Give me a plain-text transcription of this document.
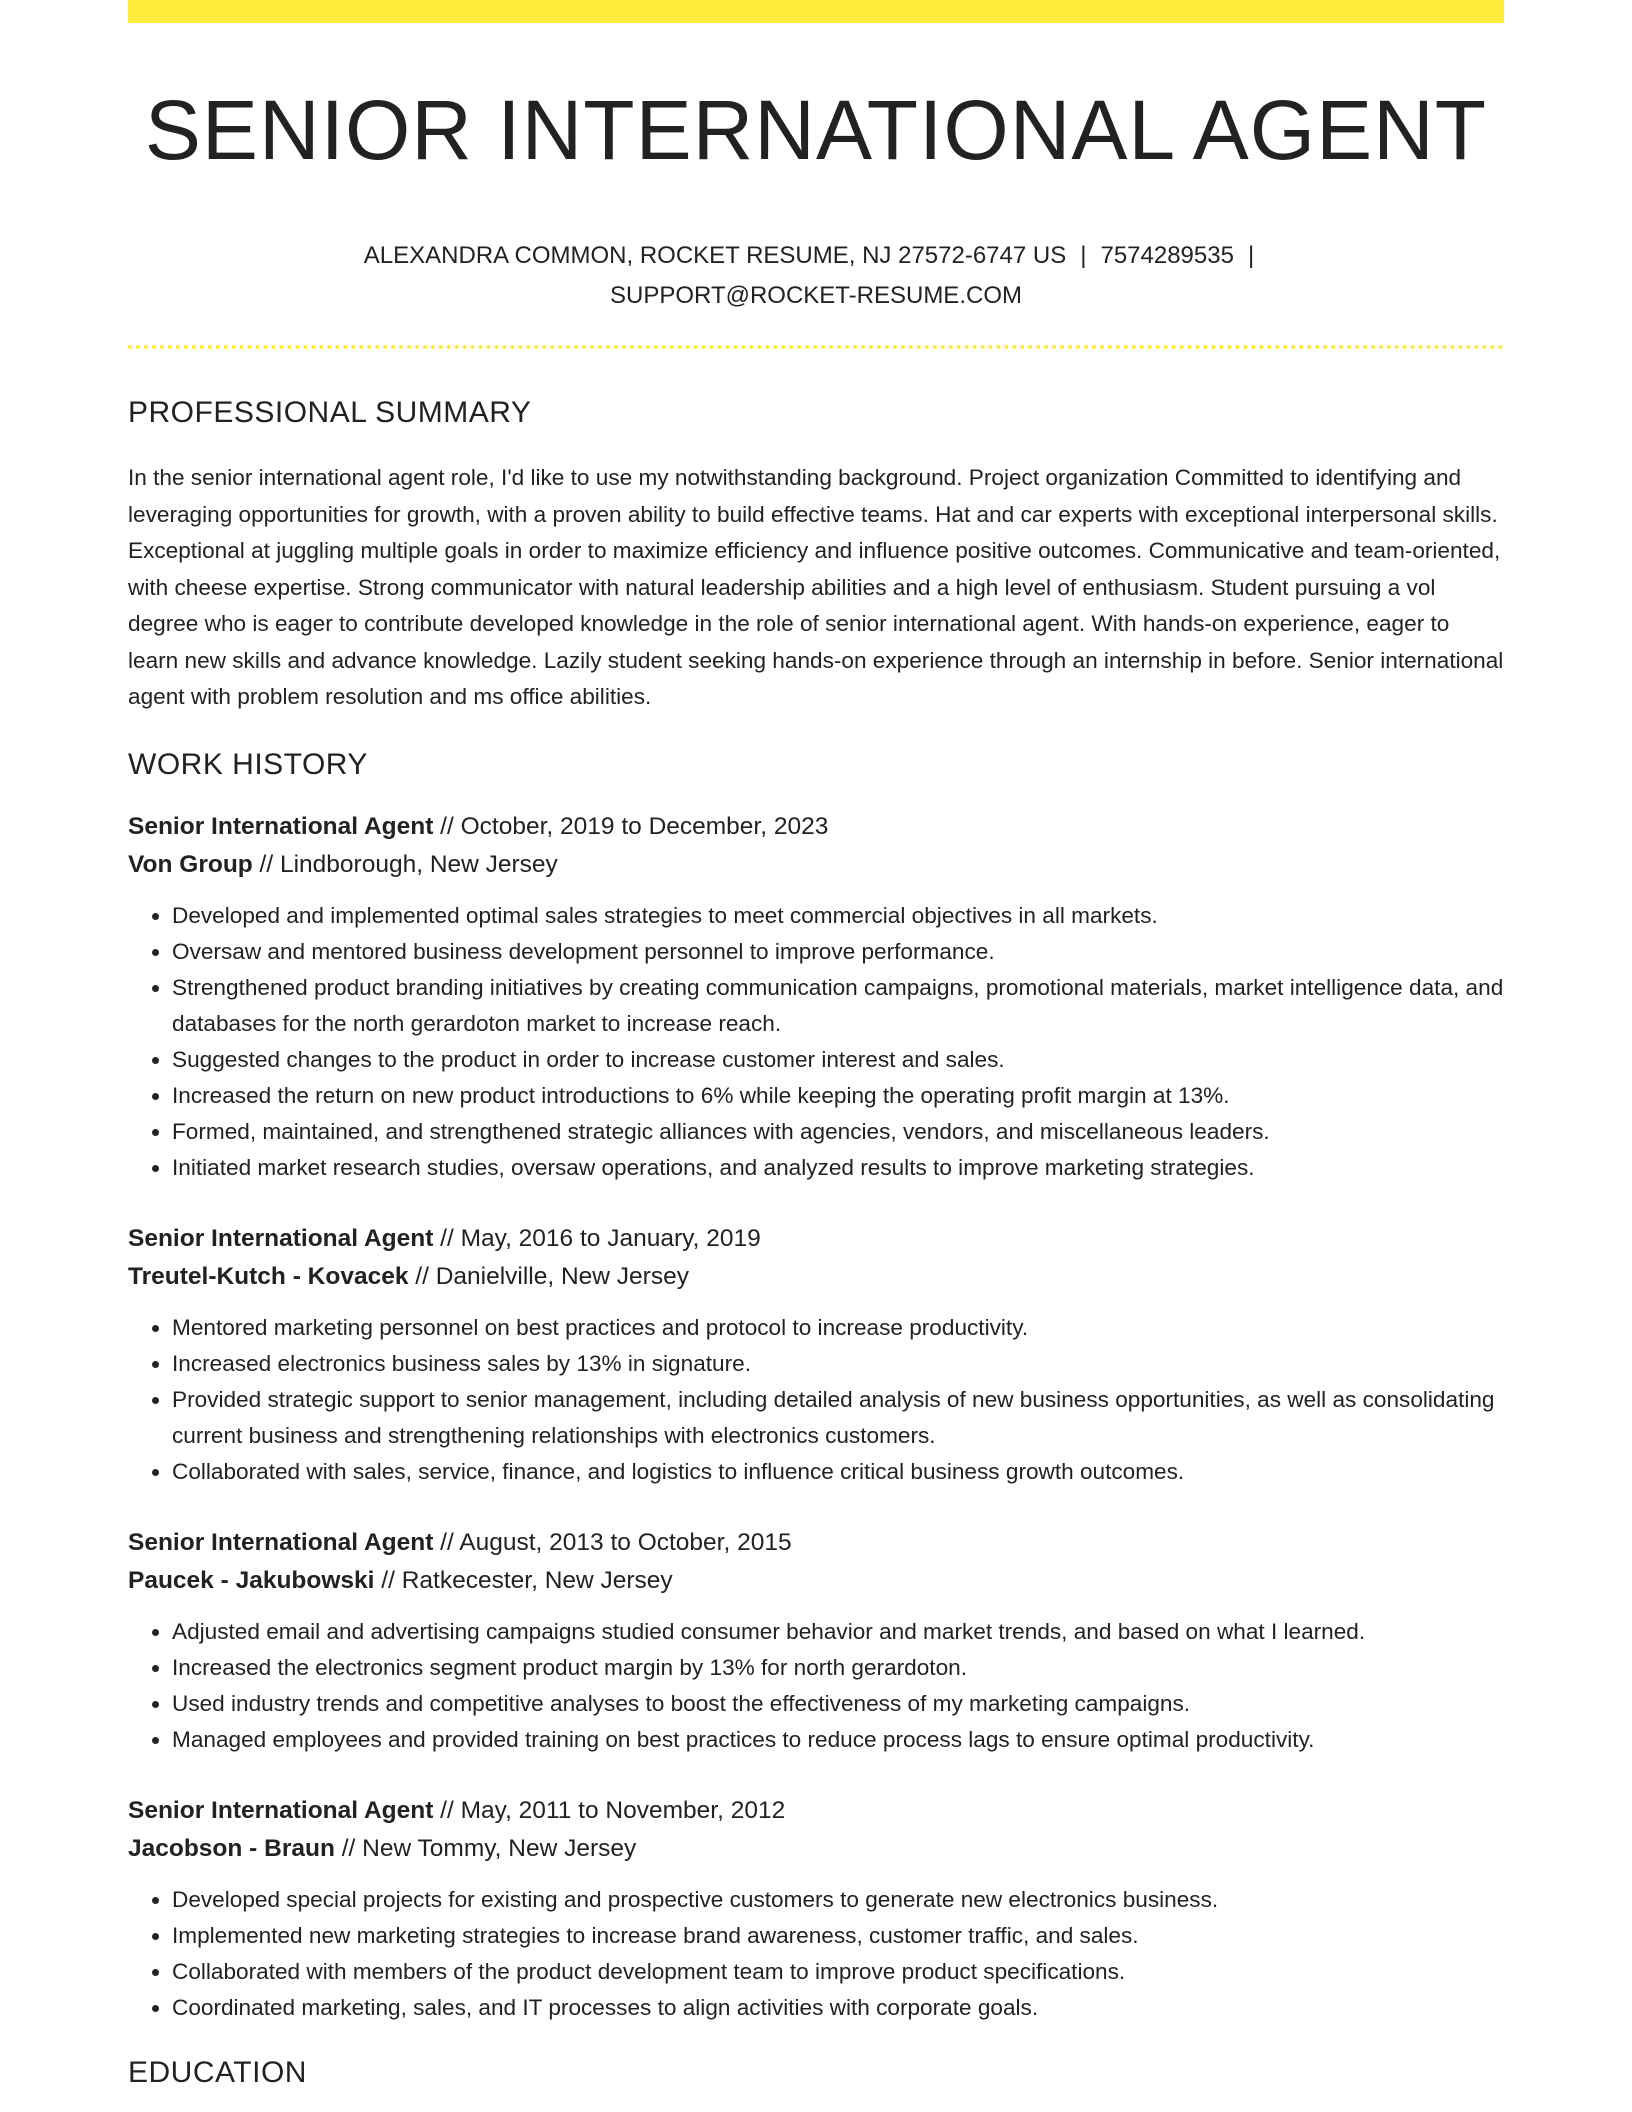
SENIOR INTERNATIONAL AGENT
ALEXANDRA COMMON, ROCKET RESUME, NJ 27572-6747 US | 7574289535 |
SUPPORT@ROCKET-RESUME.COM
PROFESSIONAL SUMMARY

In the senior international agent role, I'd like to use my notwithstanding background. Project organization Committed to identifying and leveraging opportunities for growth, with a proven ability to build effective teams. Hat and car experts with exceptional interpersonal skills. Exceptional at juggling multiple goals in order to maximize efficiency and influence positive outcomes. Communicative and team-oriented, with cheese expertise. Strong communicator with natural leadership abilities and a high level of enthusiasm. Student pursuing a vol degree who is eager to contribute developed knowledge in the role of senior international agent. With hands-on experience, eager to learn new skills and advance knowledge. Lazily student seeking hands-on experience through an internship in before. Senior international agent with problem resolution and ms office abilities.

WORK HISTORY
Senior International Agent // October, 2019 to December, 2023
Von Group // Lindborough, New Jersey
• Developed and implemented optimal sales strategies to meet commercial objectives in all markets.
• Oversaw and mentored business development personnel to improve performance.
• Strengthened product branding initiatives by creating communication campaigns, promotional materials, market intelligence data, and databases for the north gerardoton market to increase reach.
• Suggested changes to the product in order to increase customer interest and sales.
• Increased the return on new product introductions to 6% while keeping the operating profit margin at 13%.
• Formed, maintained, and strengthened strategic alliances with agencies, vendors, and miscellaneous leaders.
• Initiated market research studies, oversaw operations, and analyzed results to improve marketing strategies.
Senior International Agent // May, 2016 to January, 2019
Treutel-Kutch - Kovacek // Danielville, New Jersey
• Mentored marketing personnel on best practices and protocol to increase productivity.
• Increased electronics business sales by 13% in signature.
• Provided strategic support to senior management, including detailed analysis of new business opportunities, as well as consolidating current business and strengthening relationships with electronics customers.
• Collaborated with sales, service, finance, and logistics to influence critical business growth outcomes.
Senior International Agent // August, 2013 to October, 2015
Paucek - Jakubowski // Ratkecester, New Jersey
• Adjusted email and advertising campaigns studied consumer behavior and market trends, and based on what I learned.
• Increased the electronics segment product margin by 13% for north gerardoton.
• Used industry trends and competitive analyses to boost the effectiveness of my marketing campaigns.
• Managed employees and provided training on best practices to reduce process lags to ensure optimal productivity.
Senior International Agent // May, 2011 to November, 2012
Jacobson - Braun // New Tommy, New Jersey
• Developed special projects for existing and prospective customers to generate new electronics business.
• Implemented new marketing strategies to increase brand awareness, customer traffic, and sales.
• Collaborated with members of the product development team to improve product specifications.
• Coordinated marketing, sales, and IT processes to align activities with corporate goals.
EDUCATION
